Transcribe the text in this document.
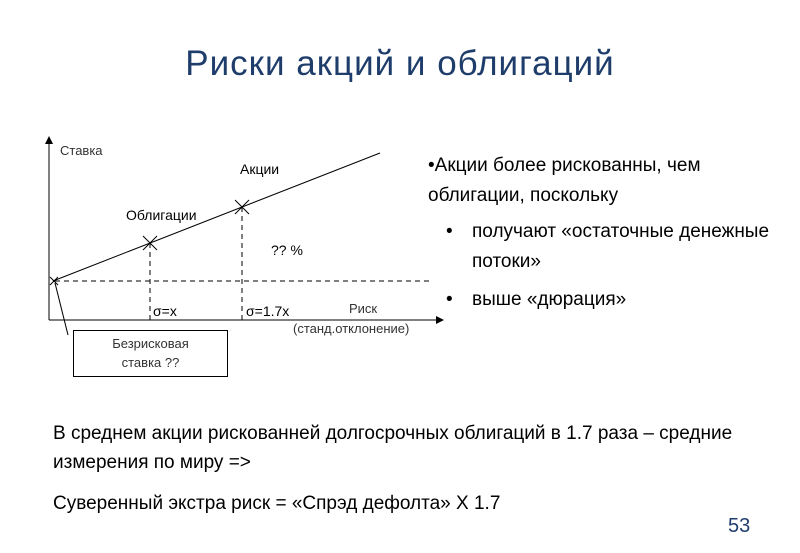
Риски акций и облигаций
Ставка
Акции
Облигации
?? %
σ=x	σ=1.7x	Риск
(станд.отклонение)
Безрисковая
ставка ??

•Акции более рискованны, чем облигации, поскольку

• получают «остаточные денежные потоки»
• выше «дюрация»
В среднем акции рискованней долгосрочных облигаций в 1.7 раза – средние измерения по миру =>
Суверенный экстра риск = «Спрэд дефолта» X 1.7
53
